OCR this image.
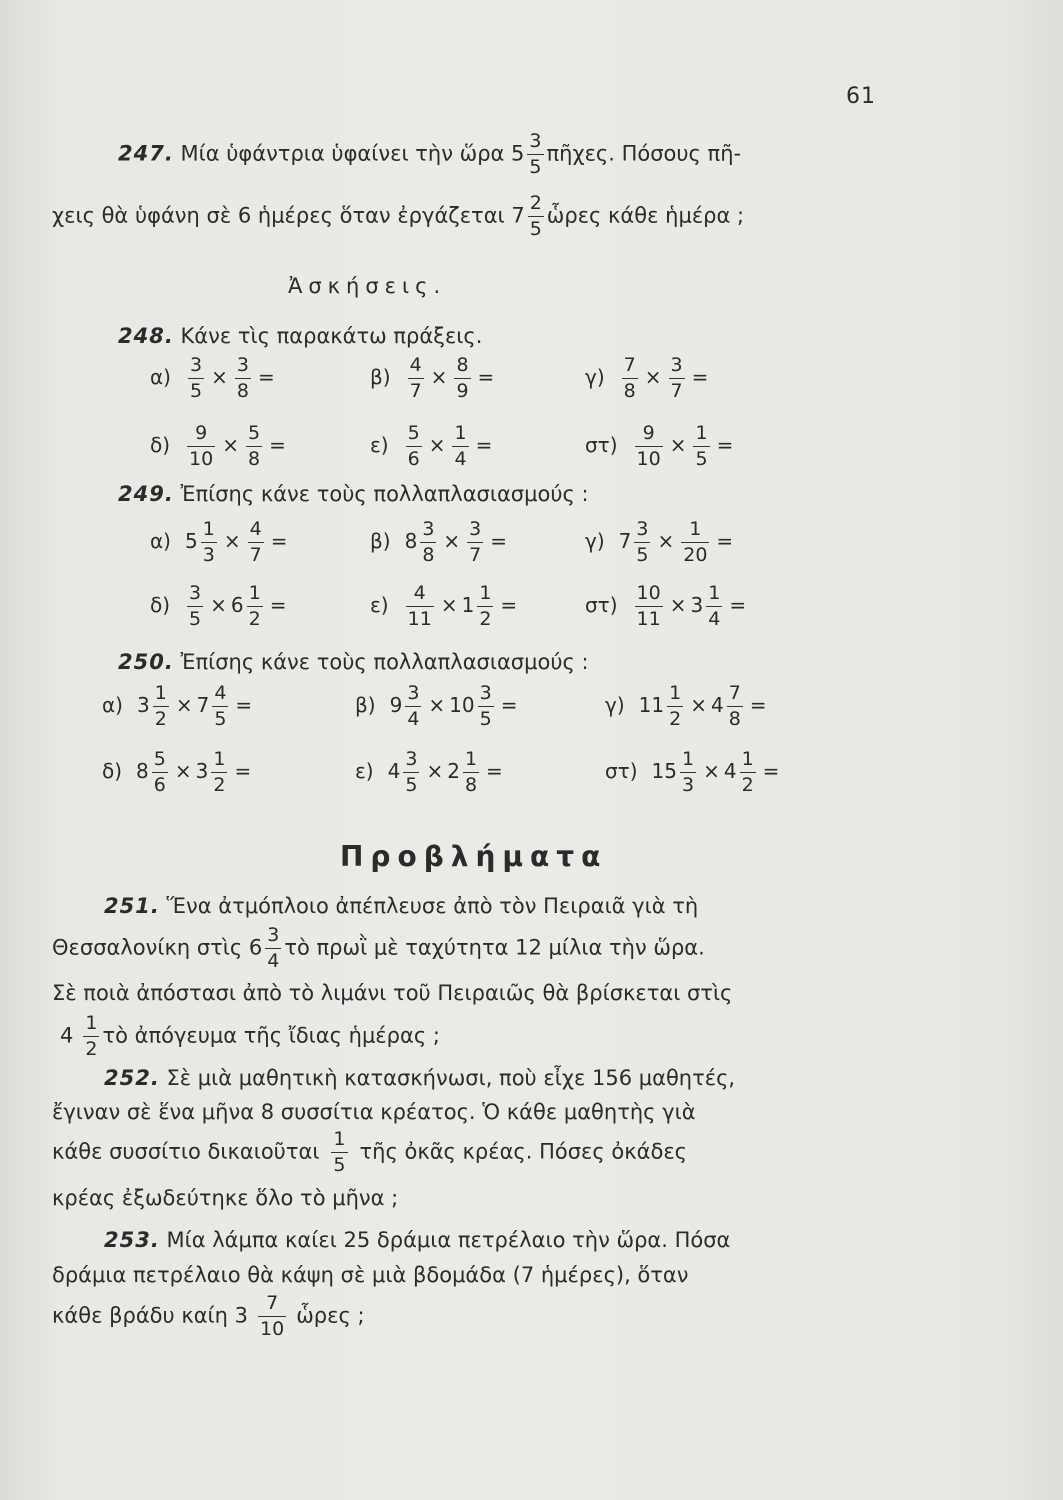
61
247. Μία ὑφάντρια ὑφαίνει τὴν ὥρα $5 \frac{3}{5}$ πῆχες. Πόσους πῆ-
χεις θὰ ὑφάνη σὲ 6 ἡμέρες ὅταν ἐργάζεται $7 \frac{2}{5}$ ὧρες κάθε ἡμέρα ;
Ἀσκήσεις.
248. Κάνε τὶς παρακάτω πράξεις.
$\alpha) \frac{3}{5} \times \frac{3}{8}$ =	$\beta) \frac{4}{7} \times \frac{8}{9}$ =	$\gamma) \frac{7}{8} \times \frac{3}{7}$ =
$\delta) \frac{9}{10} \times \frac{5}{8}$ =	$\varepsilon) \frac{5}{6} \times \frac{1}{4}$ =	$\sigma\tau) \frac{9}{10} \times \frac{1}{5}$ =
249. Ἐπίσης κάνε τοὺς πολλαπλασιασμούς :
α) $5 \frac{1}{3} \times \frac{4}{7}$ =	β) $8 \frac{3}{8} \times \frac{3}{7}$ =	γ) $7 \frac{3}{5} \times \frac{1}{20}$ =
$\delta) \frac{3}{5} \times 6 \frac{1}{2}$ =	$\varepsilon) \frac{4}{11} \times 1 \frac{1}{2}$ =	$\sigma\tau) \frac{10}{11} \times 3 \frac{1}{4}$ =
250. Ἐπίσης κάνε τοὺς πολλαπλασιασμούς :
α) $3 \frac{1}{2} \times 7 \frac{4}{5}$ =	β) $9 \frac{3}{4} \times 10 \frac{3}{5}$ =	γ) $11 \frac{1}{2} \times 4 \frac{7}{8}$ =
δ) $8 \frac{5}{6} \times 3 \frac{1}{2}$ =	ε) $4 \frac{3}{5} \times 2 \frac{1}{8}$ =	στ) $15 \frac{1}{3} \times 4 \frac{1}{2}$ =
Προβλήματα
251. Ἕνα ἀτμόπλοιο ἀπέπλευσε ἀπὸ τὸν Πειραιᾶ γιὰ τὴ
Θεσσαλονίκη στὶς $6 \frac{3}{4}$ τὸ πρωῒ μὲ ταχύτητα 12 μίλια τὴν ὥρα.
Σὲ ποιὰ ἀπόστασι ἀπὸ τὸ λιμάνι τοῦ Πειραιῶς θὰ βρίσκεται στὶς
$4 \frac{1}{2}$ τὸ ἀπόγευμα τῆς ἴδιας ἡμέρας ;
252. Σὲ μιὰ μαθητικὴ κατασκήνωσι, ποὺ εἶχε 156 μαθητές,
ἔγιναν σὲ ἕνα μῆνα 8 συσσίτια κρέατος. Ὁ κάθε μαθητὴς γιὰ
κάθε συσσίτιο δικαιοῦται $\frac{1}{5}$ τῆς ὀκᾶς κρέας. Πόσες ὀκάδες
κρέας ἐξωδεύτηκε ὅλο τὸ μῆνα ;
253. Μία λάμπα καίει 25 δράμια πετρέλαιο τὴν ὥρα. Πόσα
δράμια πετρέλαιο θὰ κάψη σὲ μιὰ βδομάδα (7 ἡμέρες), ὅταν
κάθε βράδυ καίη $3 \frac{7}{10}$ ὧρες ;
